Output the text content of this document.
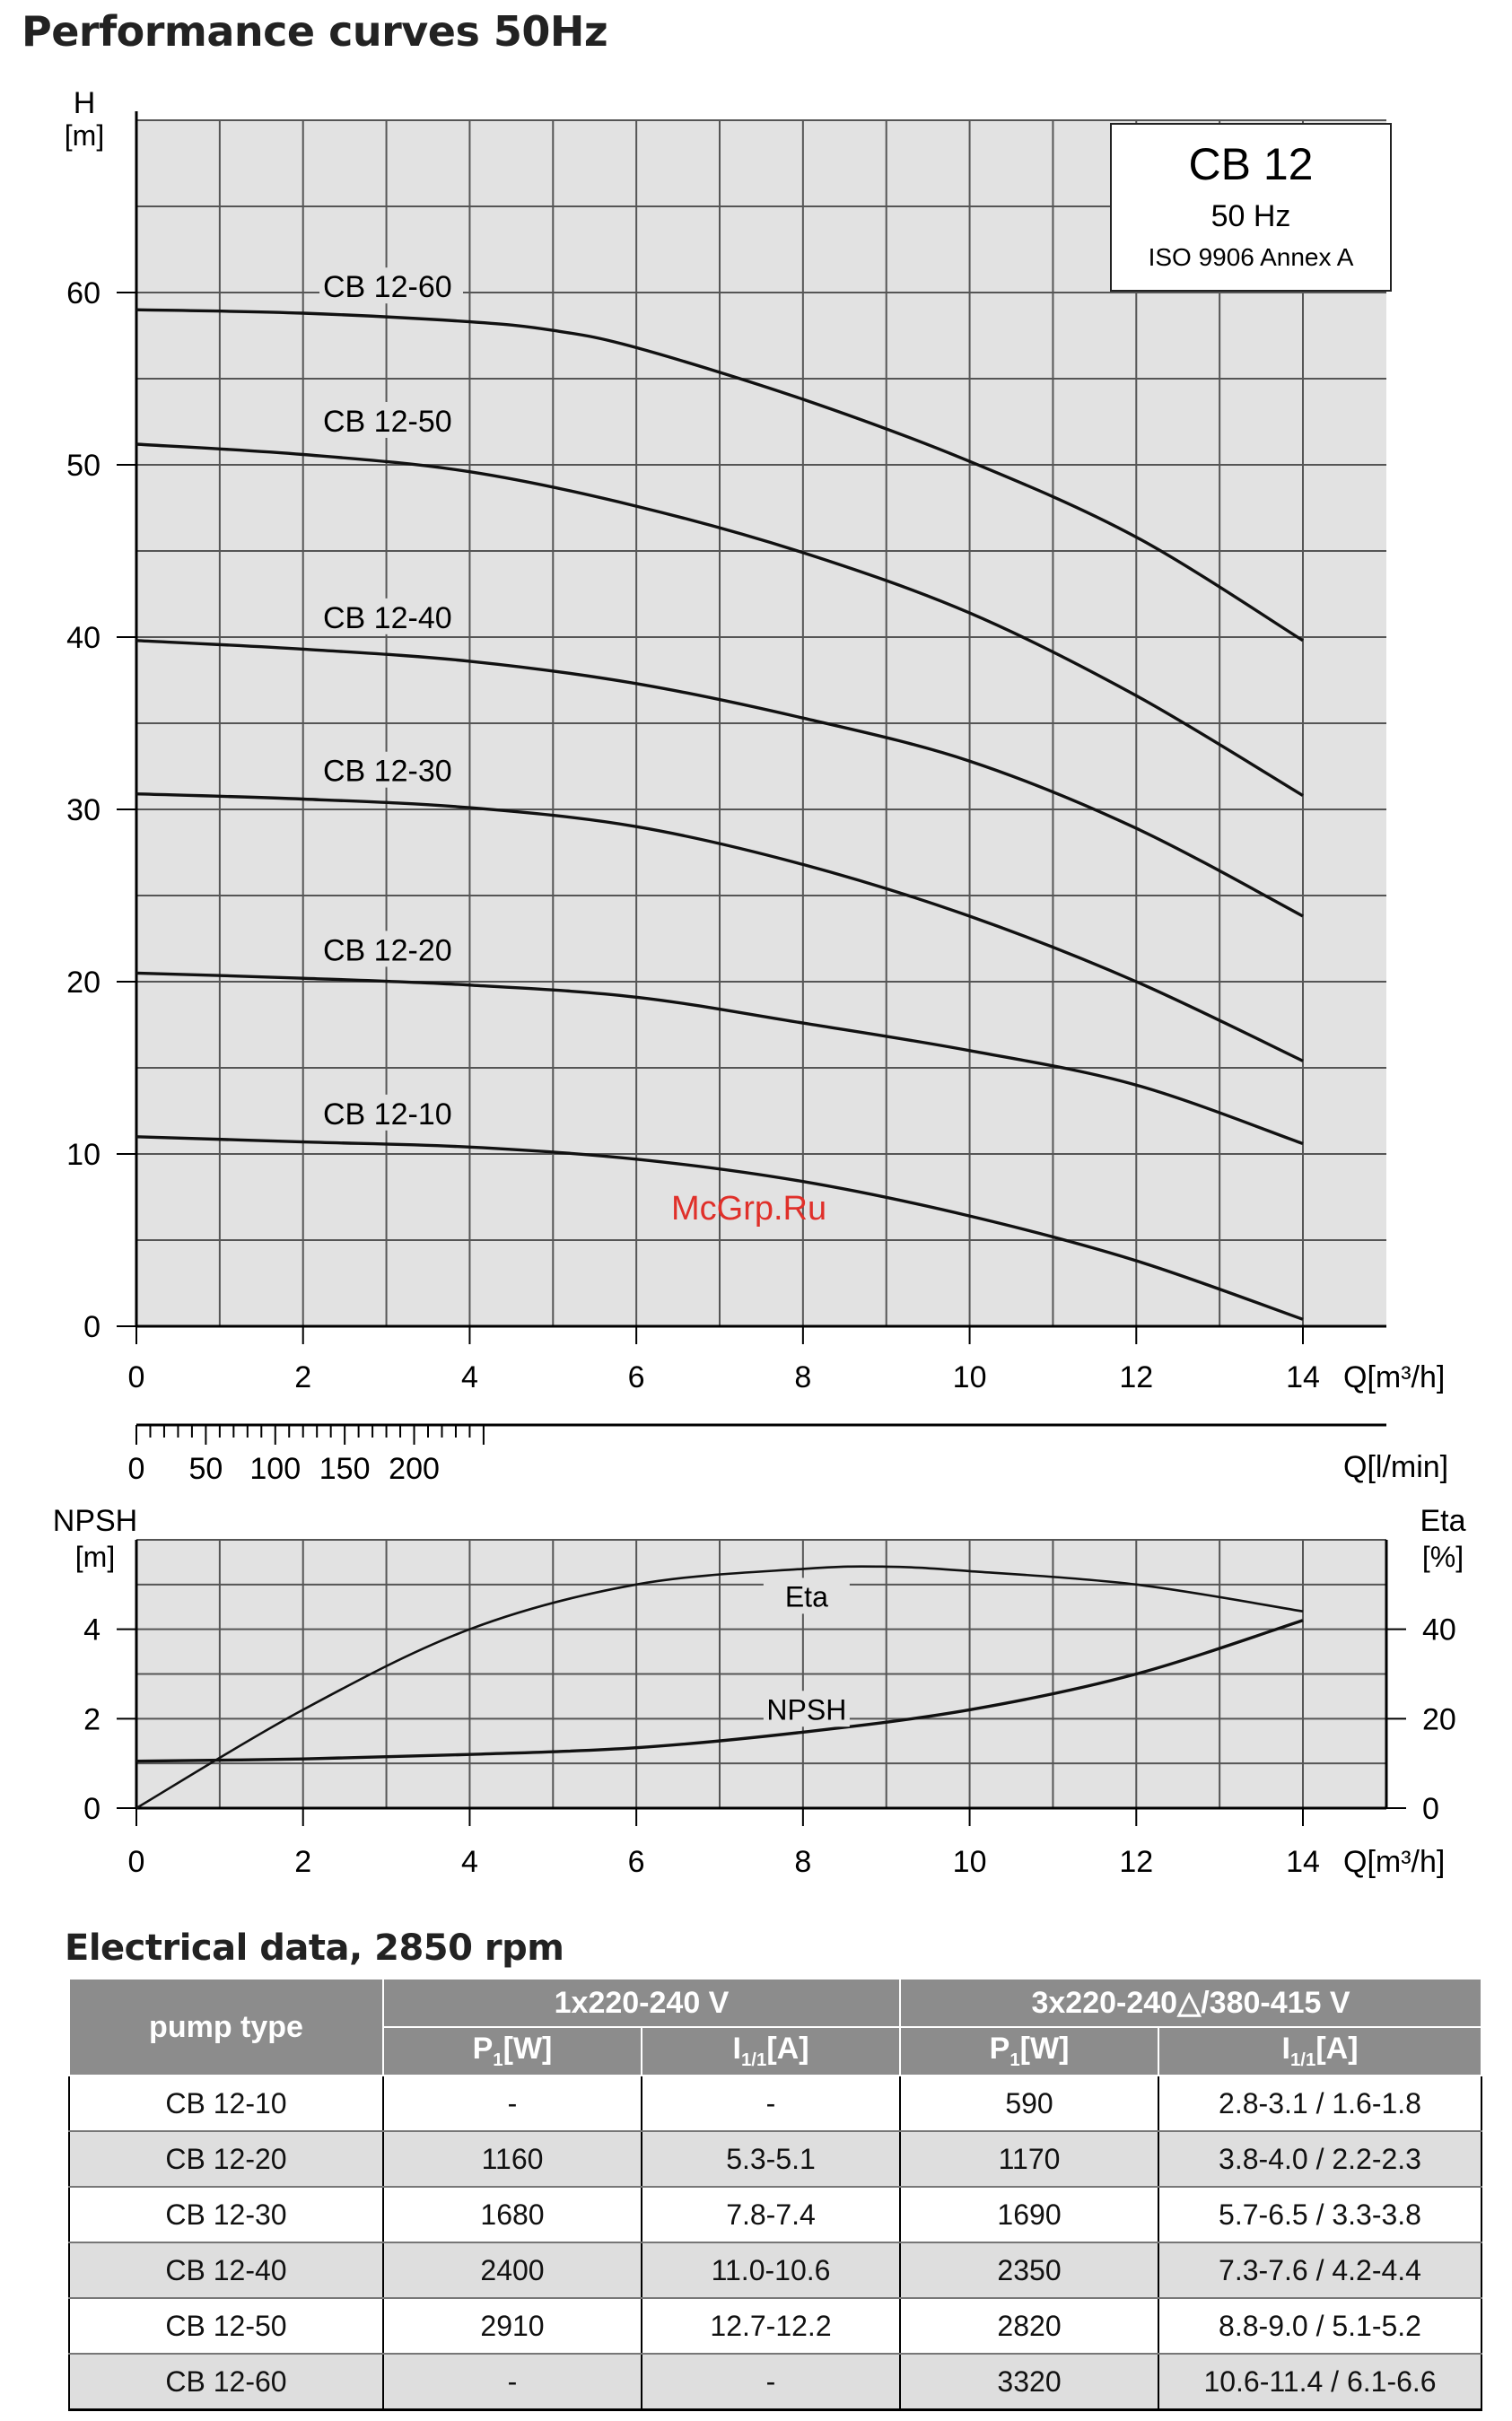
Performance curves 50Hz
0
10
20
30
40
50
60
0	2	4	6	8	10	12	14
H
[m]
Q[m³/h]
CB 12-60
CB 12-50
CB 12-40
CB 12-30
CB 12-20
CB 12-10
CB 12
50 Hz
ISO 9906 Annex A
0 50 100 150 200	Q[l/min]
0
2
4
0
20
40
0	2	4	6	8	10	12	14
NPSH
[m]
Eta
[%]
Q[m³/h]
Eta
NPSH
McGrp.Ru
Electrical data, 2850 rpm
pump type	1x220-240 V		3x220-240△/380-415 V	
	$P_1[W]$	$I_{1/1}[A]$	$P_1[W]$	$I_{1/1}[A]$
CB 12-10	-	-	590	2.8-3.1 / 1.6-1.8
CB 12-20	1160	5.3-5.1	1170	3.8-4.0 / 2.2-2.3
CB 12-30	1680	7.8-7.4	1690	5.7-6.5 / 3.3-3.8
CB 12-40	2400	11.0-10.6	2350	7.3-7.6 / 4.2-4.4
CB 12-50	2910	12.7-12.2	2820	8.8-9.0 / 5.1-5.2
CB 12-60	-	-	3320	10.6-11.4 / 6.1-6.6
